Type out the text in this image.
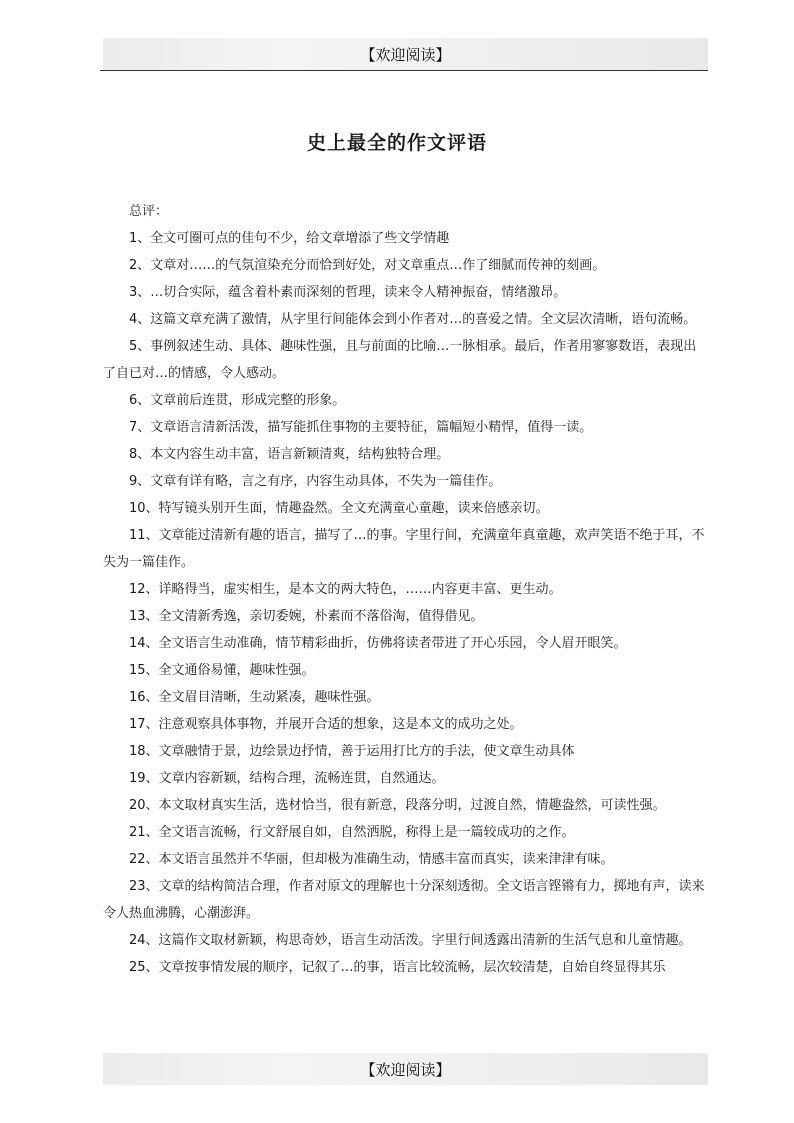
【欢迎阅读】
史上最全的作文评语

总评：

1、全文可圈可点的佳句不少，给文章增添了些文学情趣

2、文章对……的气氛渲染充分而恰到好处，对文章重点…作了细腻而传神的刻画。

3、…切合实际，蕴含着朴素而深刻的哲理，读来令人精神振奋，情绪激昂。

4、这篇文章充满了激情，从字里行间能体会到小作者对…的喜爱之情。全文层次清晰，语句流畅。

5、事例叙述生动、具体、趣味性强，且与前面的比喻…一脉相承。最后，作者用寥寥数语，表现出了自已对…的情感，令人感动。

6、文章前后连贯，形成完整的形象。

7、文章语言清新活泼，描写能抓住事物的主要特征，篇幅短小精悍，值得一读。

8、本文内容生动丰富，语言新颖清爽，结构独特合理。

9、文章有详有略，言之有序，内容生动具体，不失为一篇佳作。

10、特写镜头别开生面，情趣盎然。全文充满童心童趣，读来倍感亲切。

11、文章能过清新有趣的语言，描写了…的事。字里行间，充满童年真童趣，欢声笑语不绝于耳，不失为一篇佳作。

12、详略得当，虚实相生，是本文的两大特色，……内容更丰富、更生动。

13、全文清新秀逸，亲切委婉，朴素而不落俗淘，值得借见。

14、全文语言生动准确，情节精彩曲折，仿佛将读者带进了开心乐园，令人眉开眼笑。

15、全文通俗易懂，趣味性强。

16、全文眉目清晰，生动紧凑，趣味性强。

17、注意观察具体事物，并展开合适的想象，这是本文的成功之处。

18、文章融情于景，边绘景边抒情，善于运用打比方的手法，使文章生动具体

19、文章内容新颖，结构合理，流畅连贯，自然通达。

20、本文取材真实生活，选材恰当，很有新意，段落分明，过渡自然，情趣盎然，可读性强。

21、全文语言流畅，行文舒展自如，自然洒脱，称得上是一篇较成功的之作。

22、本文语言虽然并不华丽，但却极为准确生动，情感丰富而真实，读来津津有味。

23、文章的结构简洁合理，作者对原文的理解也十分深刻透彻。全文语言铿锵有力，掷地有声，读来令人热血沸腾，心潮澎湃。

24、这篇作文取材新颖，构思奇妙，语言生动活泼。字里行间透露出清新的生活气息和儿童情趣。

25、文章按事情发展的顺序，记叙了…的事，语言比较流畅，层次较清楚，自始自终显得其乐

【欢迎阅读】
